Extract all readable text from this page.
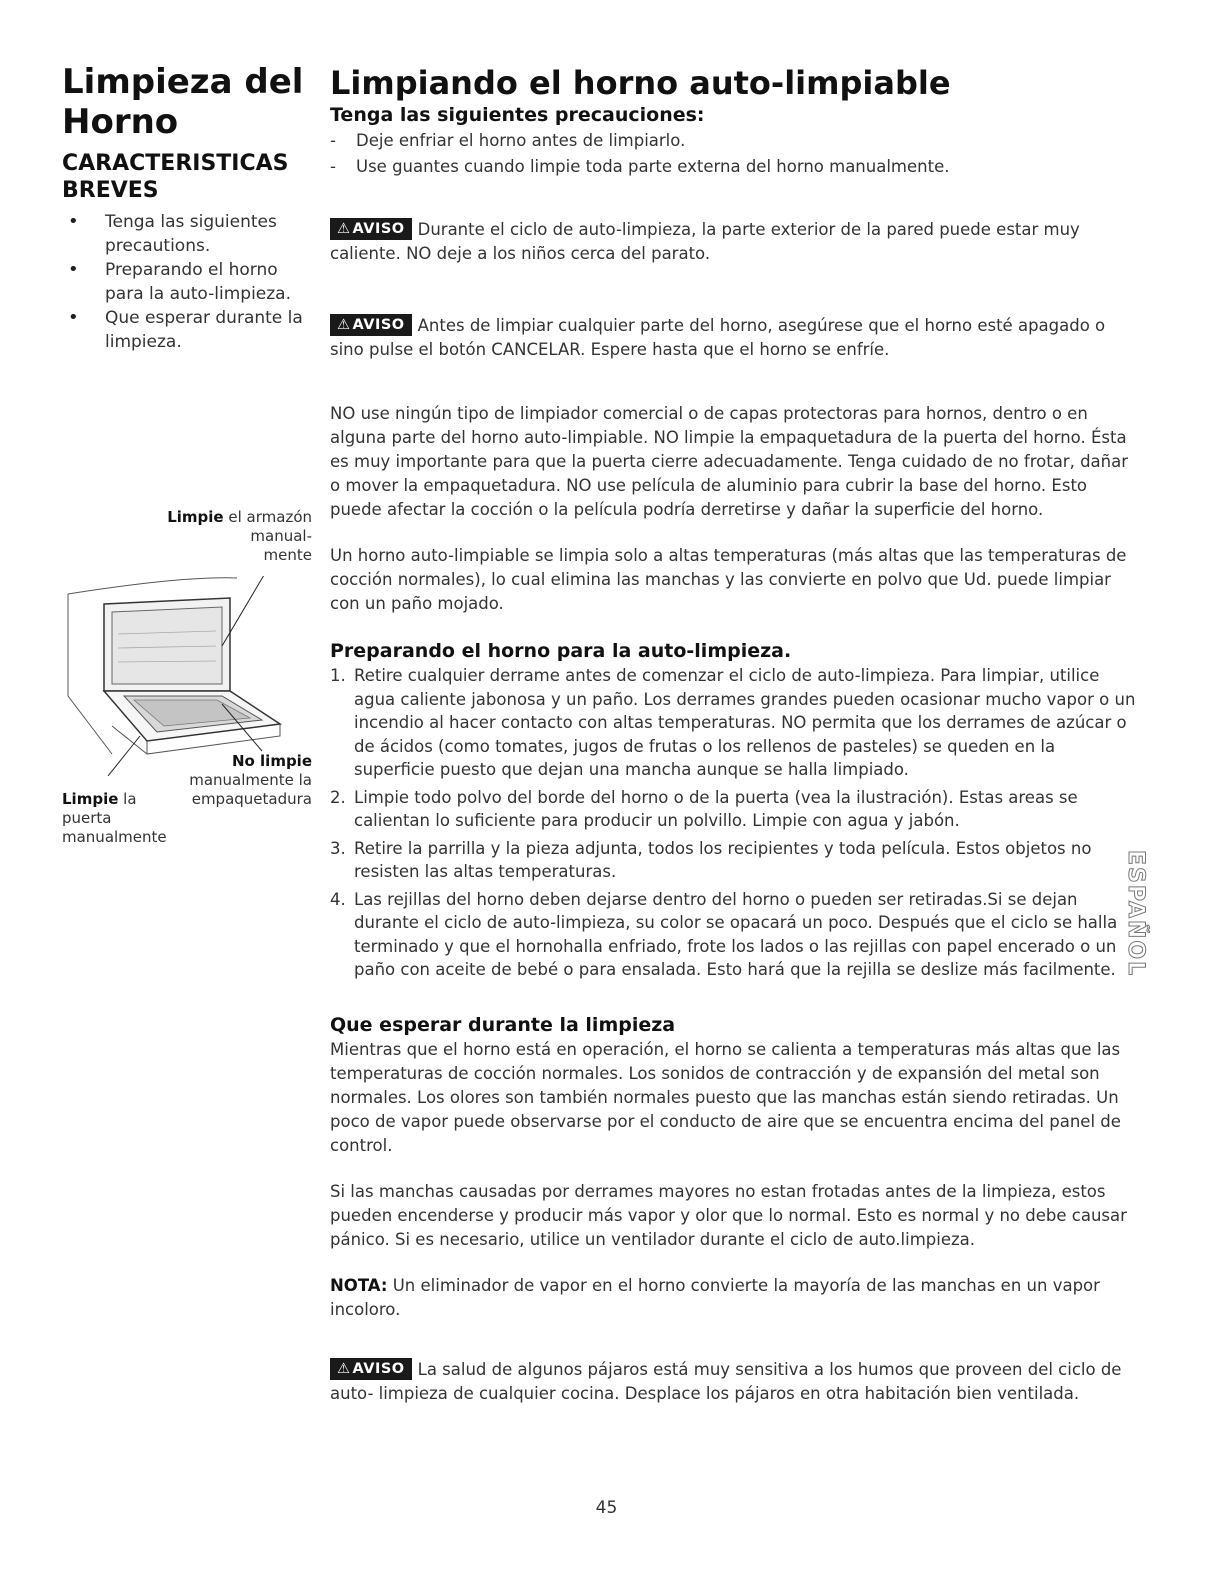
Limpieza del
Horno
CARACTERISTICAS
BREVES
• Tenga las siguientes precautions.
• Preparando el horno para la auto-limpieza.
• Que esperar durante la limpieza.
Limpie el armazón
manual-
mente
No limpie
manualmente la
empaquetadura
Limpie la
puerta
manualmente
Limpiando el horno auto-limpiable
Tenga las siguientes precauciones:
- Deje enfriar el horno antes de limpiarlo.
- Use guantes cuando limpie toda parte externa del horno manualmente.

⚠ AVISO Durante el ciclo de auto-limpieza, la parte exterior de la pared puede estar muy caliente. NO deje a los niños cerca del parato.

⚠ AVISO Antes de limpiar cualquier parte del horno, asegúrese que el horno esté apagado o sino pulse el botón CANCELAR. Espere hasta que el horno se enfríe.

NO use ningún tipo de limpiador comercial o de capas protectoras para hornos, dentro o en alguna parte del horno auto-limpiable. NO limpie la empaquetadura de la puerta del horno. Ésta es muy importante para que la puerta cierre adecuadamente. Tenga cuidado de no frotar, dañar o mover la empaquetadura. NO use película de aluminio para cubrir la base del horno. Esto puede afectar la cocción o la película podría derretirse y dañar la superficie del horno.

Un horno auto-limpiable se limpia solo a altas temperaturas (más altas que las temperaturas de cocción normales), lo cual elimina las manchas y las convierte en polvo que Ud. puede limpiar con un paño mojado.

Preparando el horno para la auto-limpieza.
1. Retire cualquier derrame antes de comenzar el ciclo de auto-limpieza. Para limpiar, utilice agua caliente jabonosa y un paño. Los derrames grandes pueden ocasionar mucho vapor o un incendio al hacer contacto con altas temperaturas. NO permita que los derrames de azúcar o de ácidos (como tomates, jugos de frutas o los rellenos de pasteles) se queden en la superficie puesto que dejan una mancha aunque se halla limpiado.
2. Limpie todo polvo del borde del horno o de la puerta (vea la ilustración). Estas areas se calientan lo suficiente para producir un polvillo. Limpie con agua y jabón.
3. Retire la parrilla y la pieza adjunta, todos los recipientes y toda película. Estos objetos no resisten las altas temperaturas.
4. Las rejillas del horno deben dejarse dentro del horno o pueden ser retiradas.Si se dejan durante el ciclo de auto-limpieza, su color se opacará un poco. Después que el ciclo se halla terminado y que el hornohalla enfriado, frote los lados o las rejillas con papel encerado o un paño con aceite de bebé o para ensalada. Esto hará que la rejilla se deslize más facilmente.
Que esperar durante la limpieza

Mientras que el horno está en operación, el horno se calienta a temperaturas más altas que las temperaturas de cocción normales. Los sonidos de contracción y de expansión del metal son normales. Los olores son también normales puesto que las manchas están siendo retiradas. Un poco de vapor puede observarse por el conducto de aire que se encuentra encima del panel de control.

Si las manchas causadas por derrames mayores no estan frotadas antes de la limpieza, estos pueden encenderse y producir más vapor y olor que lo normal. Esto es normal y no debe causar pánico. Si es necesario, utilice un ventilador durante el ciclo de auto.limpieza.

NOTA: Un eliminador de vapor en el horno convierte la mayoría de las manchas en un vapor incoloro.

⚠ AVISO La salud de algunos pájaros está muy sensitiva a los humos que proveen del ciclo de auto- limpieza de cualquier cocina. Desplace los pájaros en otra habitación bien ventilada.

ESPAÑOL
45
